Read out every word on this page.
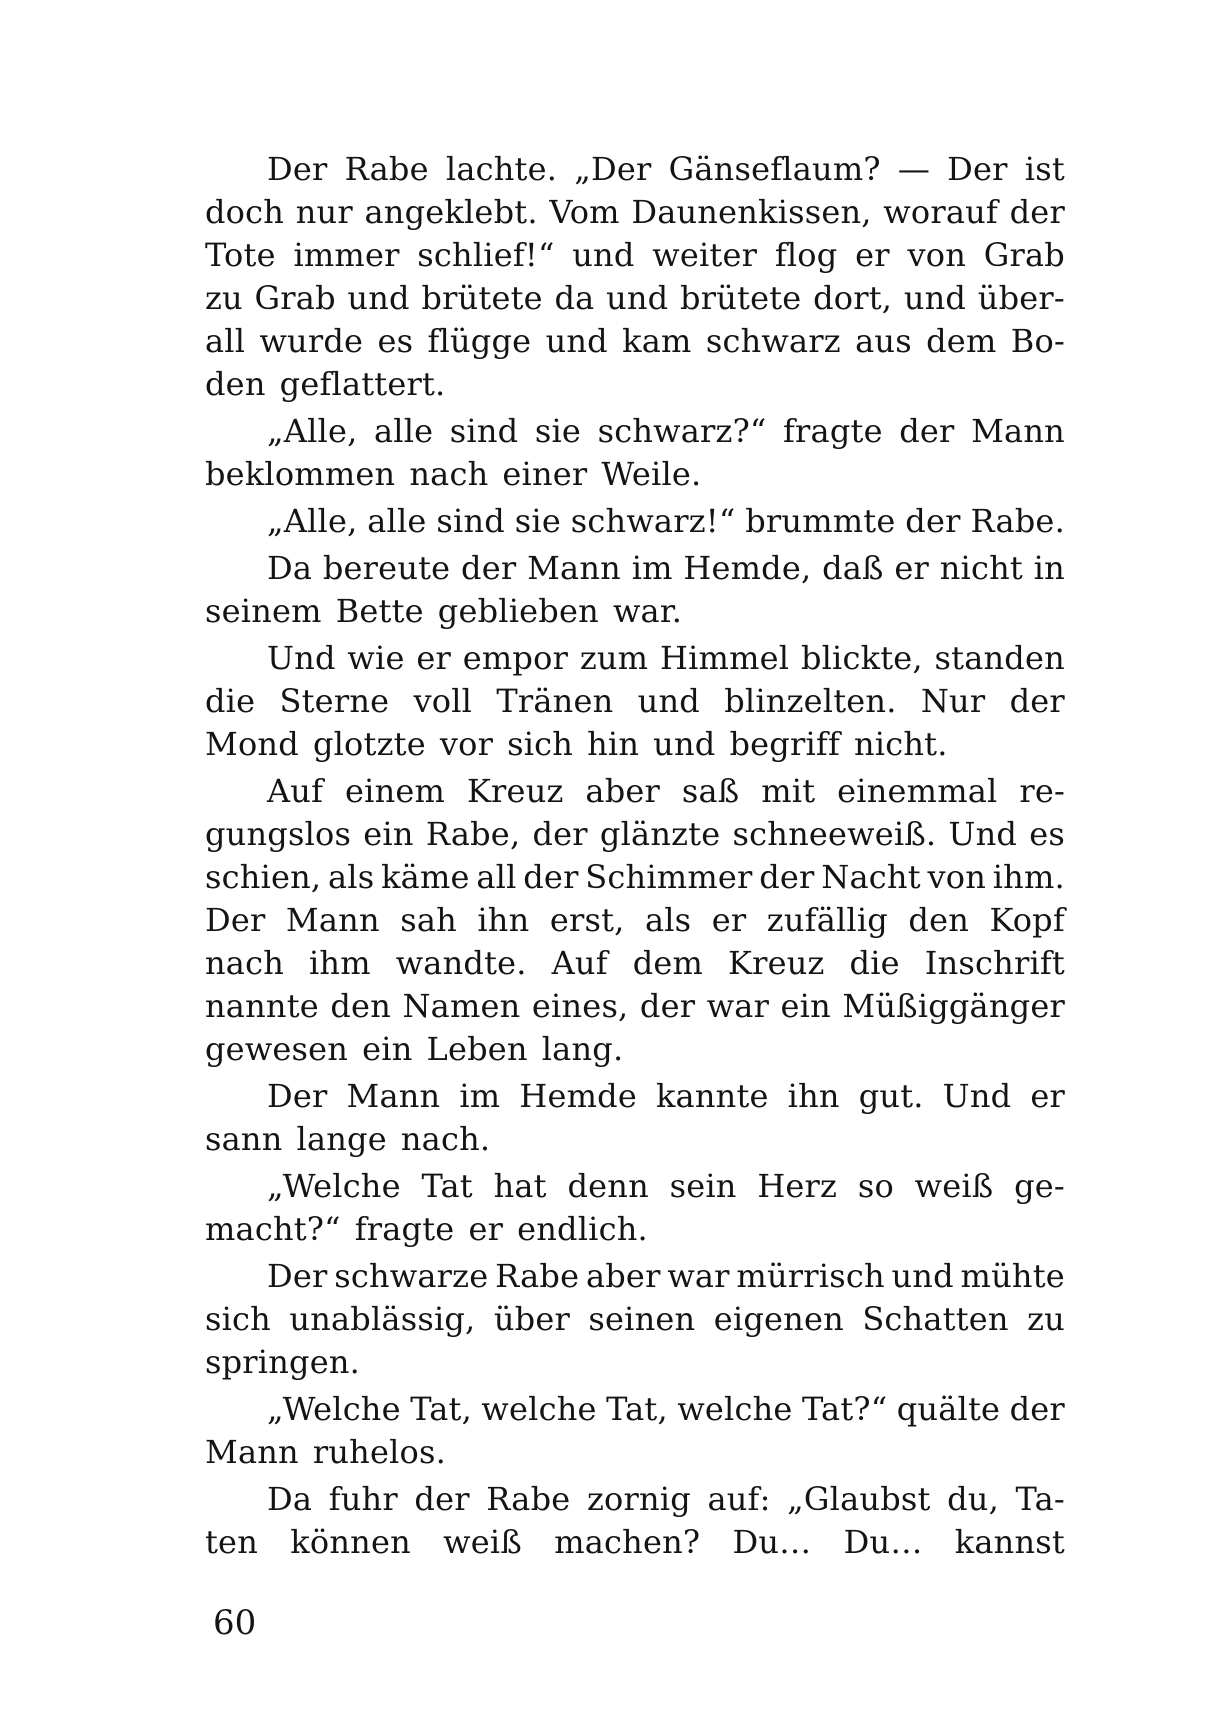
Der Rabe lachte. „Der Gänseflaum? — Der ist
doch nur angeklebt. Vom Daunenkissen, worauf der
Tote immer schlief!“ und weiter flog er von Grab
zu Grab und brütete da und brütete dort, und über-
all wurde es flügge und kam schwarz aus dem Bo-
den geflattert.
„Alle, alle sind sie schwarz?“ fragte der Mann
beklommen nach einer Weile.
„Alle, alle sind sie schwarz!“ brummte der Rabe.
Da bereute der Mann im Hemde, daß er nicht in
seinem Bette geblieben war.
Und wie er empor zum Himmel blickte, standen
die Sterne voll Tränen und blinzelten. Nur der
Mond glotzte vor sich hin und begriff nicht.
Auf einem Kreuz aber saß mit einemmal re-
gungslos ein Rabe, der glänzte schneeweiß. Und es
schien, als käme all der Schimmer der Nacht von ihm.
Der Mann sah ihn erst, als er zufällig den Kopf
nach ihm wandte. Auf dem Kreuz die Inschrift
nannte den Namen eines, der war ein Müßiggänger
gewesen ein Leben lang.
Der Mann im Hemde kannte ihn gut. Und er
sann lange nach.
„Welche Tat hat denn sein Herz so weiß ge-
macht?“ fragte er endlich.
Der schwarze Rabe aber war mürrisch und mühte
sich unablässig, über seinen eigenen Schatten zu
springen.
„Welche Tat, welche Tat, welche Tat?“ quälte der
Mann ruhelos.
Da fuhr der Rabe zornig auf: „Glaubst du, Ta-
ten können weiß machen? Du… Du… kannst
60
